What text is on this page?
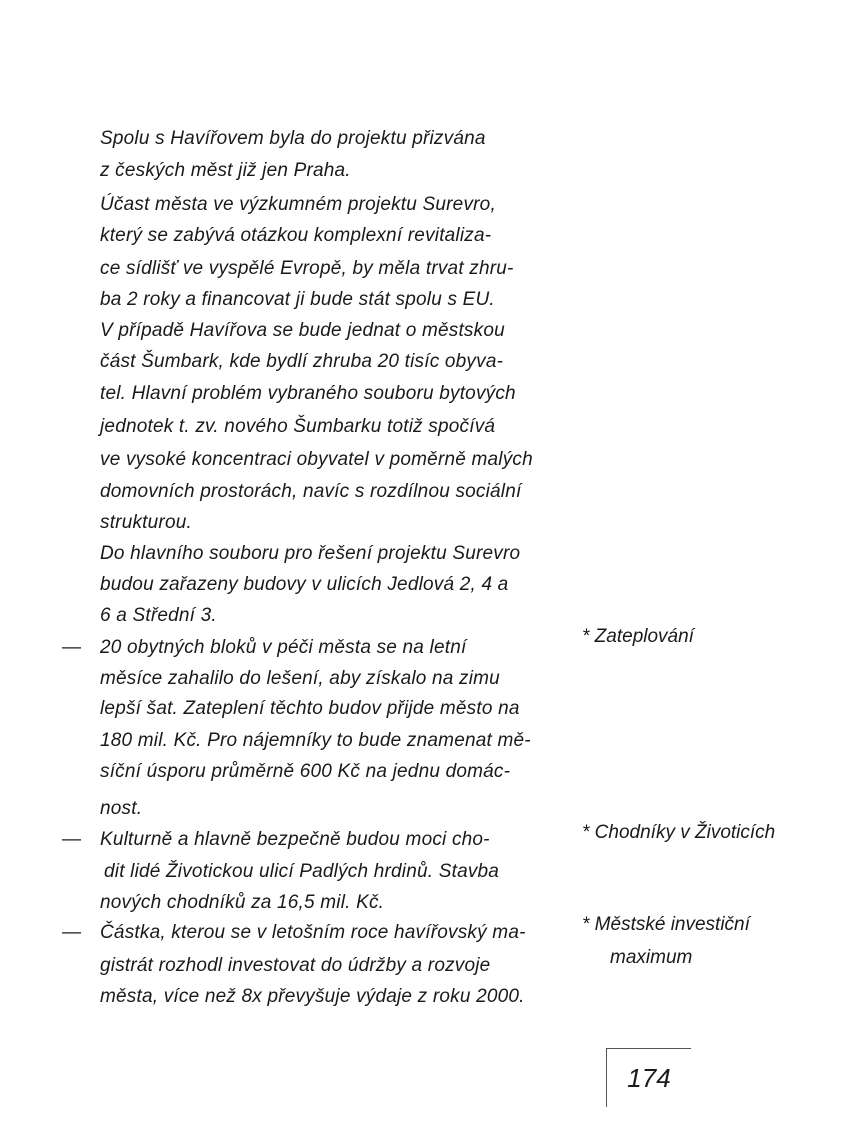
Spolu s Havířovem byla do projektu přizvána
z českých měst již jen Praha.
Účast města ve výzkumném projektu Surevro,
který se zabývá otázkou komplexní revitaliza-
ce sídlišť ve vyspělé Evropě, by měla trvat zhru-
ba 2 roky a financovat ji bude stát spolu s EU.
V případě Havířova se bude jednat o městskou
část Šumbark, kde bydlí zhruba 20 tisíc obyva-
tel. Hlavní problém vybraného souboru bytových
jednotek t. zv. nového Šumbarku totiž spočívá
ve vysoké koncentraci obyvatel v poměrně malých
domovních prostorách, navíc s rozdílnou sociální
strukturou.
Do hlavního souboru pro řešení projektu Surevro
budou zařazeny budovy v ulicích Jedlová 2, 4 a
6 a Střední 3.
— 20 obytných bloků v péči města se na letní
měsíce zahalilo do lešení, aby získalo na zimu
lepší šat. Zateplení těchto budov přijde město na
180 mil. Kč. Pro nájemníky to bude znamenat mě-
síční úsporu průměrně 600 Kč na jednu domác-
nost.
— Kulturně a hlavně bezpečně budou moci cho-
dit lidé Životickou ulicí Padlých hrdinů. Stavba
nových chodníků za 16,5 mil. Kč.
— Částka, kterou se v letošním roce havířovský ma-
gistrát rozhodl investovat do údržby a rozvoje
města, více než 8x převyšuje výdaje z roku 2000.
* Zateplování
* Chodníky v Životicích
* Městské investiční
maximum
174
